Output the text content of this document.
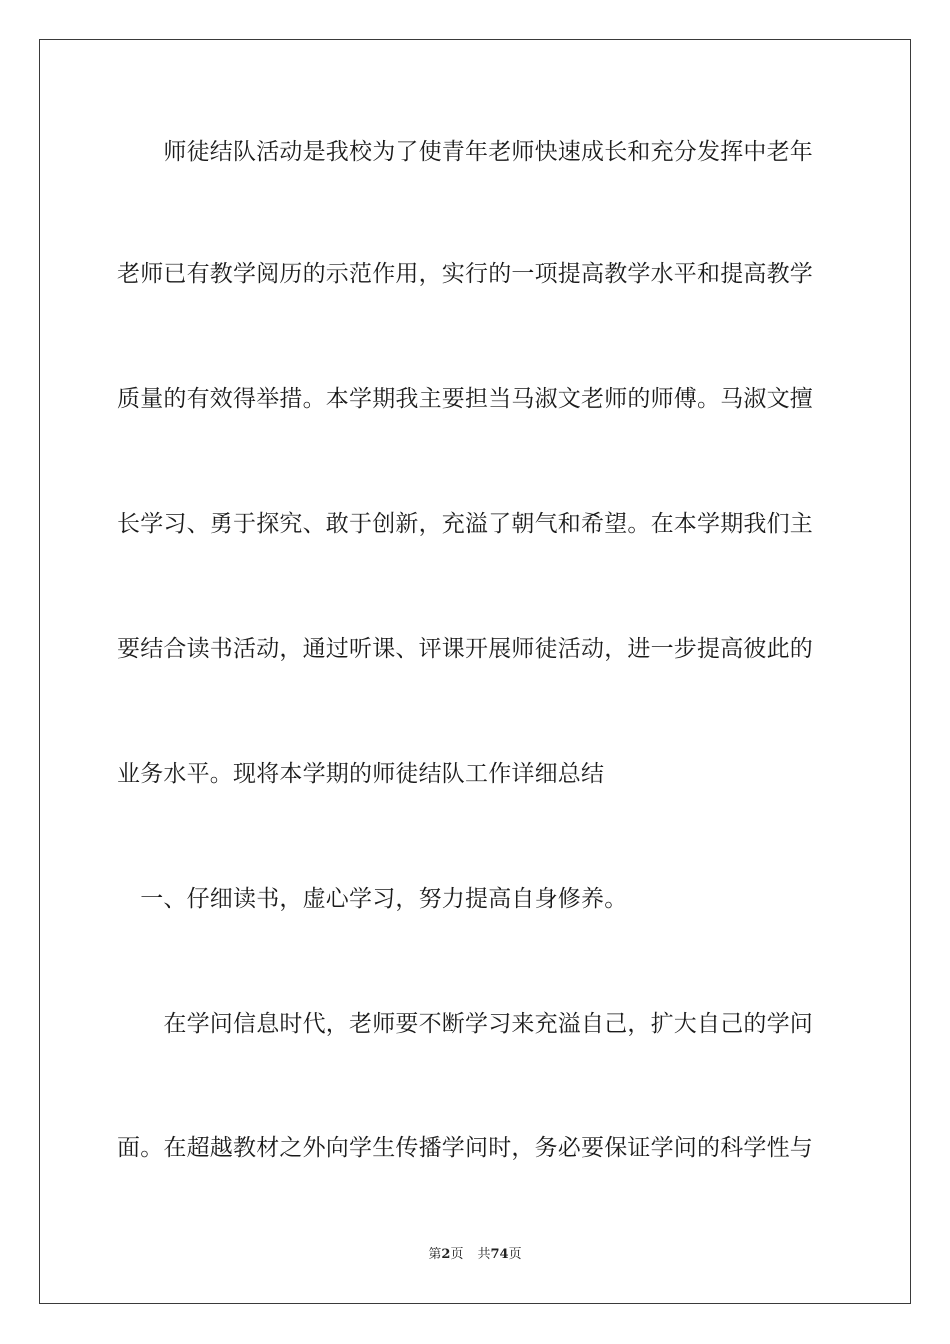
　　师徒结队活动是我校为了使青年老师快速成长和充分发挥中老年
老师已有教学阅历的示范作用，实行的一项提高教学水平和提高教学
质量的有效得举措。本学期我主要担当马淑文老师的师傅。马淑文擅
长学习、勇于探究、敢于创新，充溢了朝气和希望。在本学期我们主
要结合读书活动，通过听课、评课开展师徒活动，进一步提高彼此的
业务水平。现将本学期的师徒结队工作详细总结
　一、仔细读书，虚心学习，努力提高自身修养。
　　在学问信息时代，老师要不断学习来充溢自己，扩大自己的学问
面。在超越教材之外向学生传播学问时，务必要保证学问的科学性与
第2页 共74页
